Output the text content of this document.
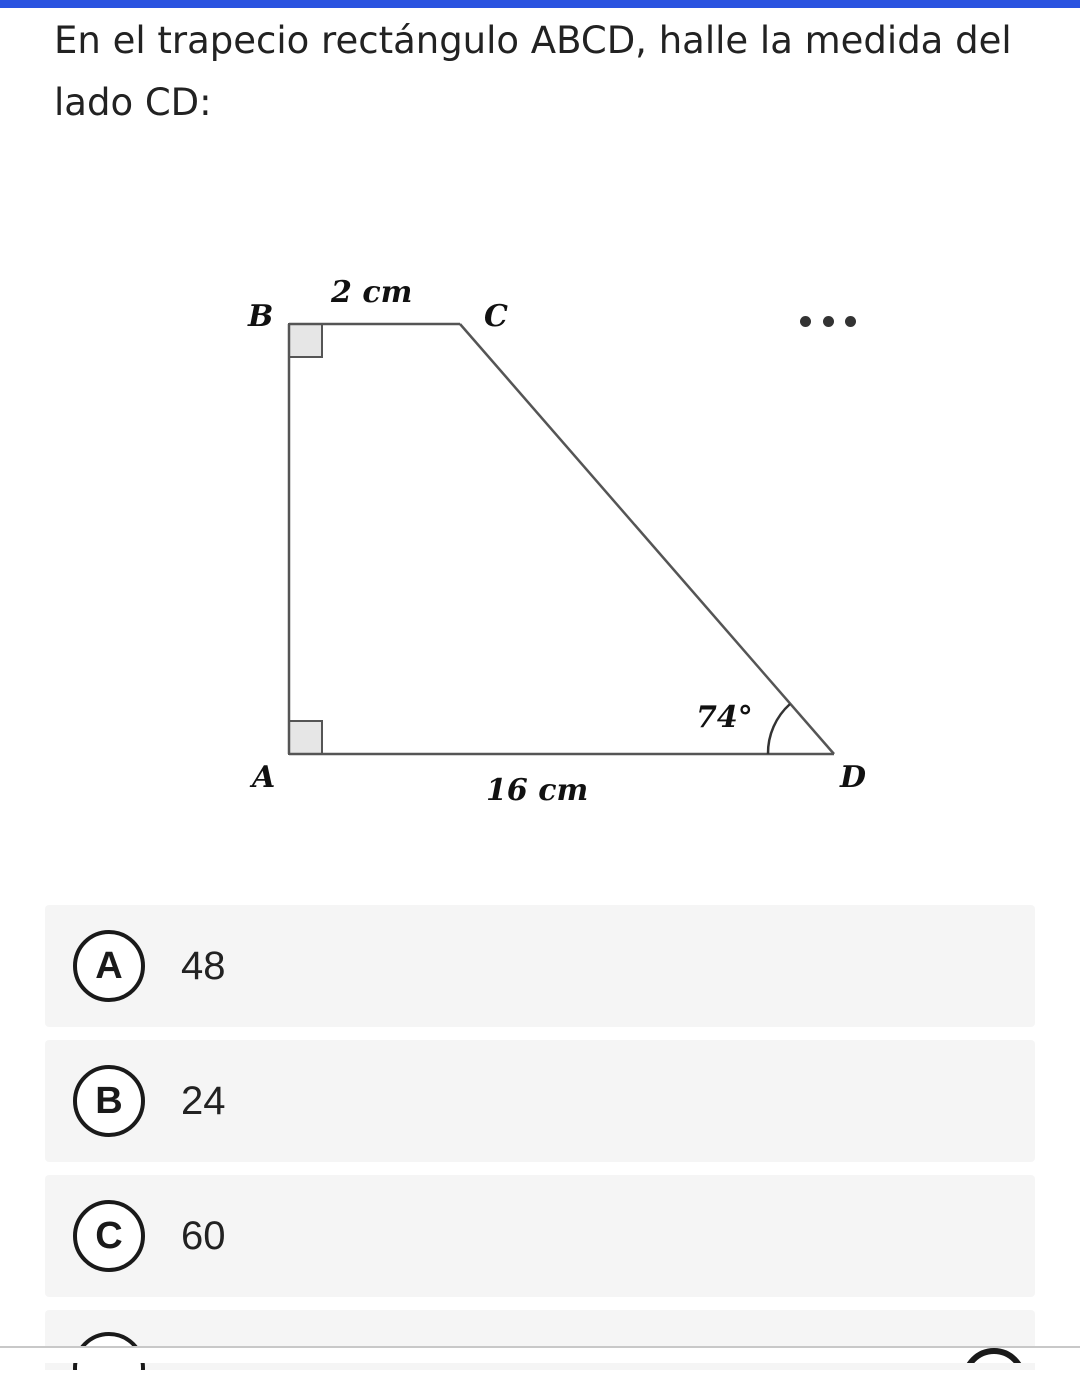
En el trapecio rectángulo ABCD, halle la medida del lado CD:

B	C
A	D
2 cm
16 cm
74°
A	48
B	24
C	60
